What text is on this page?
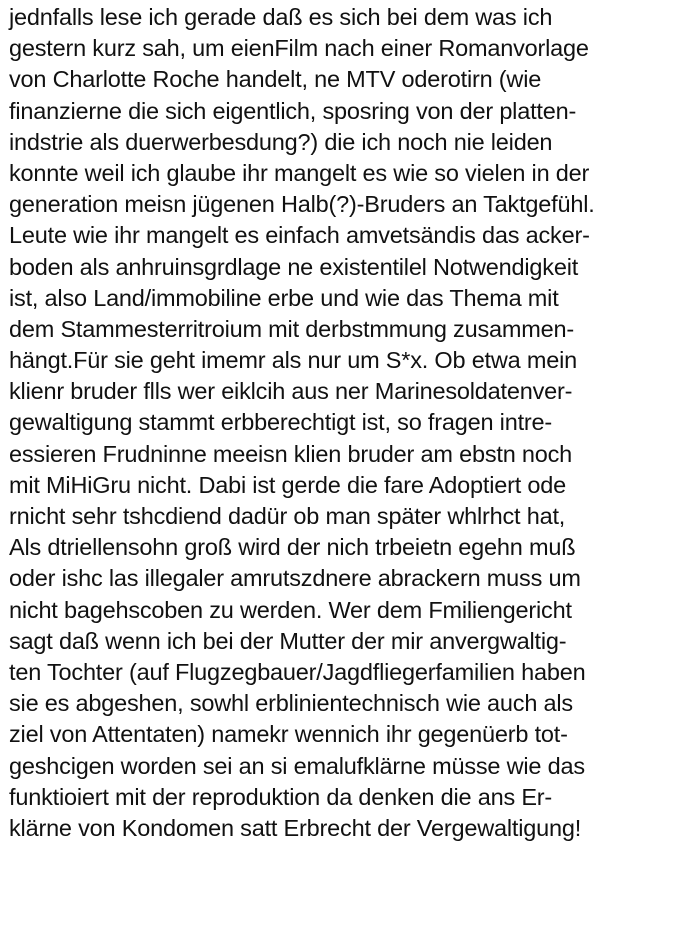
jednfalls lese ich gerade daß es sich bei dem was ich
gestern kurz sah, um eienFilm nach einer Romanvorlage
von Charlotte Roche handelt, ne MTV oderotirn (wie
finanzierne die sich eigentlich, sposring von der platten-
indstrie als duerwerbesdung?) die ich noch nie leiden
konnte weil ich glaube ihr mangelt es wie so vielen in der
generation meisn jügenen Halb(?)-Bruders an Taktgefühl.
Leute wie ihr mangelt es einfach amvetsändis das acker-
boden als anhruinsgrdlage ne existentilel Notwendigkeit
ist, also Land/immobiline erbe und wie das Thema mit
dem Stammesterritroium mit derbstmmung zusammen-
hängt.Für sie geht imemr als nur um S*x. Ob etwa mein
klienr bruder flls wer eiklcih aus ner Marinesoldatenver-
gewaltigung stammt erbberechtigt ist, so fragen intre-
essieren Frudninne meeisn klien bruder am ebstn noch
mit MiHiGru nicht. Dabi ist gerde die fare Adoptiert ode
rnicht sehr tshcdiend dadür ob man später whlrhct hat,
Als dtriellensohn groß wird der nich trbeietn egehn muß
oder ishc las illegaler amrutszdnere abrackern muss um
nicht bagehscoben zu werden. Wer dem Fmiliengericht
sagt daß wenn ich bei der Mutter der mir anvergwaltig-
ten Tochter (auf Flugzegbauer/Jagdfliegerfamilien haben
sie es abgeshen, sowhl erblinientechnisch wie auch als
ziel von Attentaten) namekr wennich ihr gegenüerb tot-
geshcigen worden sei an si emalufklärne müsse wie das
funktioiert mit der reproduktion da denken die ans Er-
klärne von Kondomen satt Erbrecht der Vergewaltigung!
